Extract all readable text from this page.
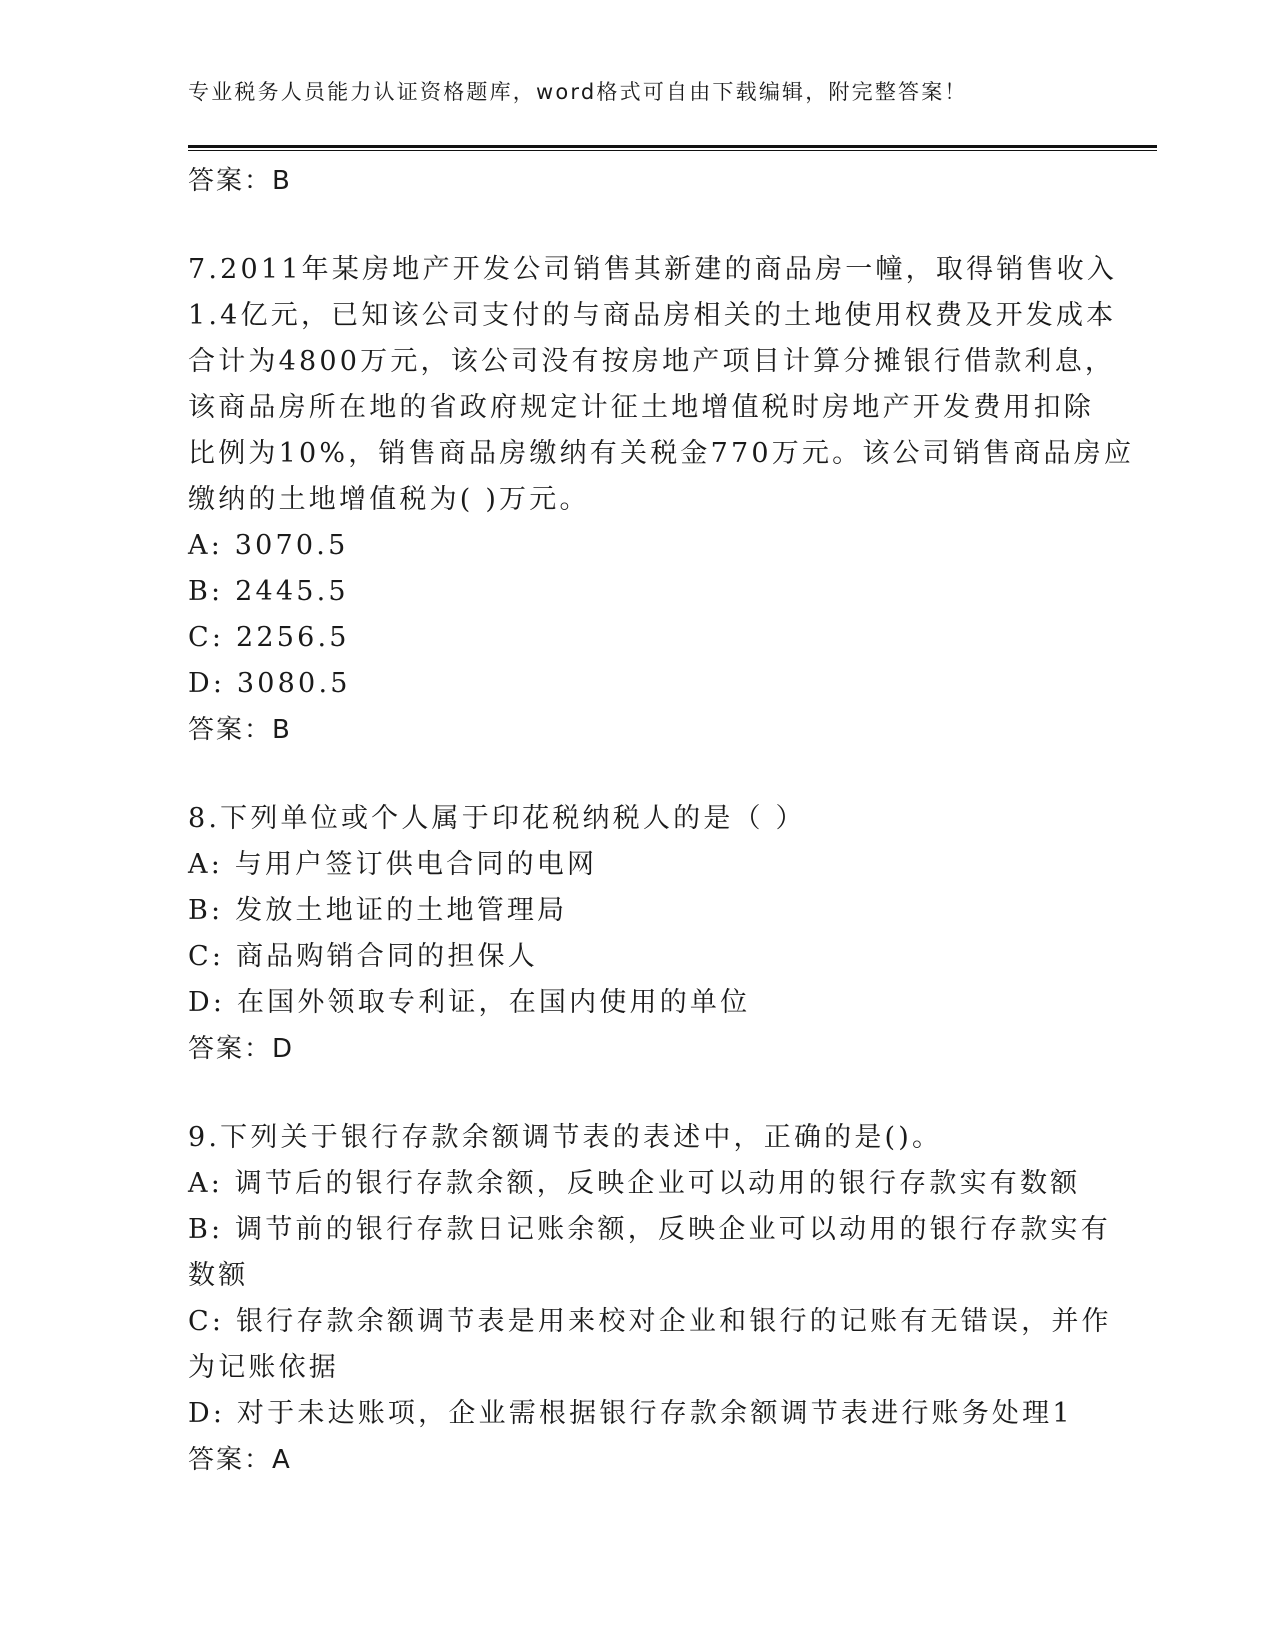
专业税务人员能力认证资格题库，word格式可自由下载编辑，附完整答案！
答案：B
7.2011年某房地产开发公司销售其新建的商品房一幢，取得销售收入
1.4亿元，已知该公司支付的与商品房相关的土地使用权费及开发成本
合计为4800万元，该公司没有按房地产项目计算分摊银行借款利息，
该商品房所在地的省政府规定计征土地增值税时房地产开发费用扣除
比例为10%，销售商品房缴纳有关税金770万元。该公司销售商品房应
缴纳的土地增值税为( )万元。
A: 3070.5
B: 2445.5
C: 2256.5
D: 3080.5
答案：B
8.下列单位或个人属于印花税纳税人的是（ ）
A: 与用户签订供电合同的电网
B: 发放土地证的土地管理局
C: 商品购销合同的担保人
D: 在国外领取专利证，在国内使用的单位
答案：D
9.下列关于银行存款余额调节表的表述中，正确的是()。
A: 调节后的银行存款余额，反映企业可以动用的银行存款实有数额
B: 调节前的银行存款日记账余额，反映企业可以动用的银行存款实有
数额
C: 银行存款余额调节表是用来校对企业和银行的记账有无错误，并作
为记账依据
D: 对于未达账项，企业需根据银行存款余额调节表进行账务处理1
答案：A
